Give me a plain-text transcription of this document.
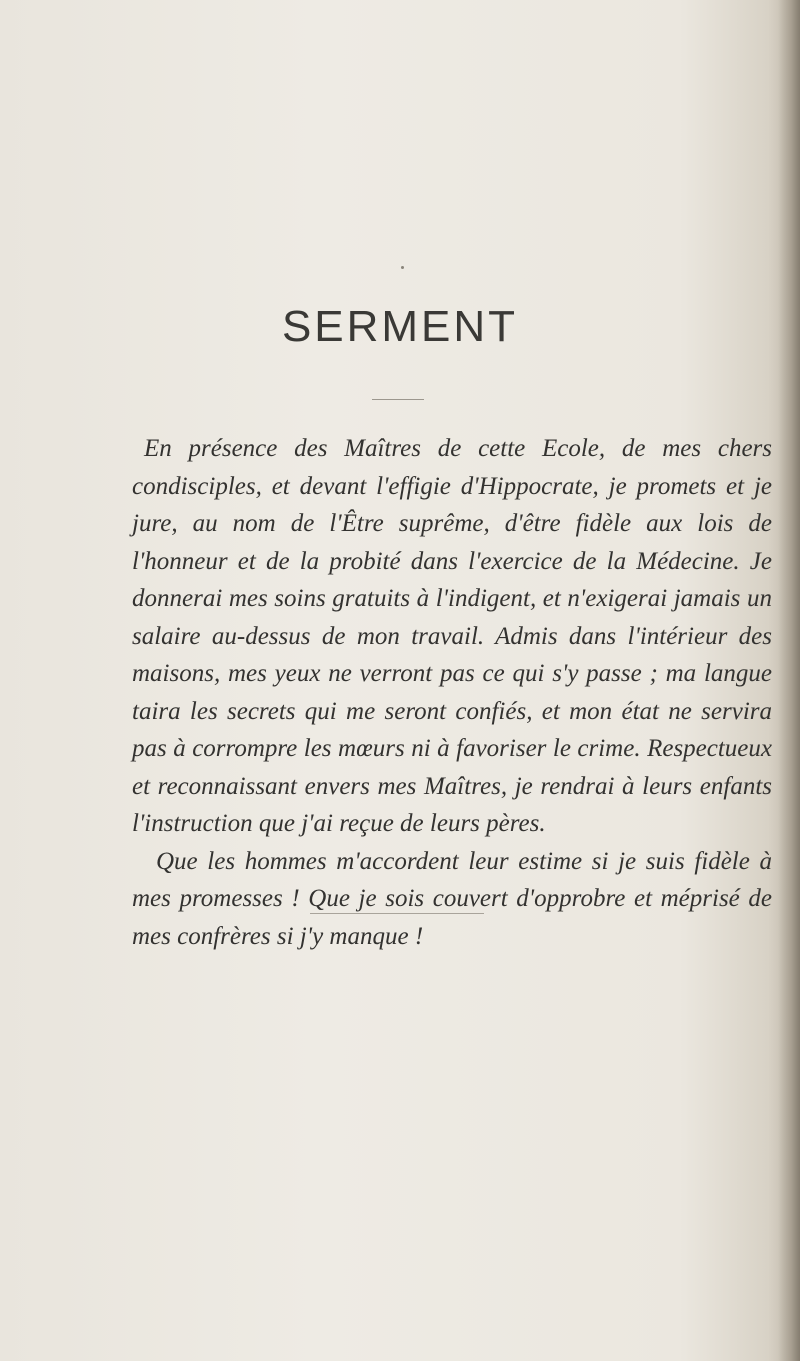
SERMENT

En présence des Maîtres de cette Ecole, de mes chers condisciples, et devant l'effigie d'Hippocrate, je promets et je jure, au nom de l'Être suprême, d'être fidèle aux lois de l'honneur et de la probité dans l'exercice de la Médecine. Je donnerai mes soins gratuits à l'indigent, et n'exigerai jamais un salaire au-dessus de mon travail. Admis dans l'intérieur des maisons, mes yeux ne verront pas ce qui s'y passe ; ma langue taira les secrets qui me seront confiés, et mon état ne servira pas à corrompre les mœurs ni à favoriser le crime. Respectueux et reconnaissant envers mes Maîtres, je rendrai à leurs enfants l'instruction que j'ai reçue de leurs pères.

Que les hommes m'accordent leur estime si je suis fidèle à mes promesses ! Que je sois couvert d'opprobre et méprisé de mes confrères si j'y manque !
